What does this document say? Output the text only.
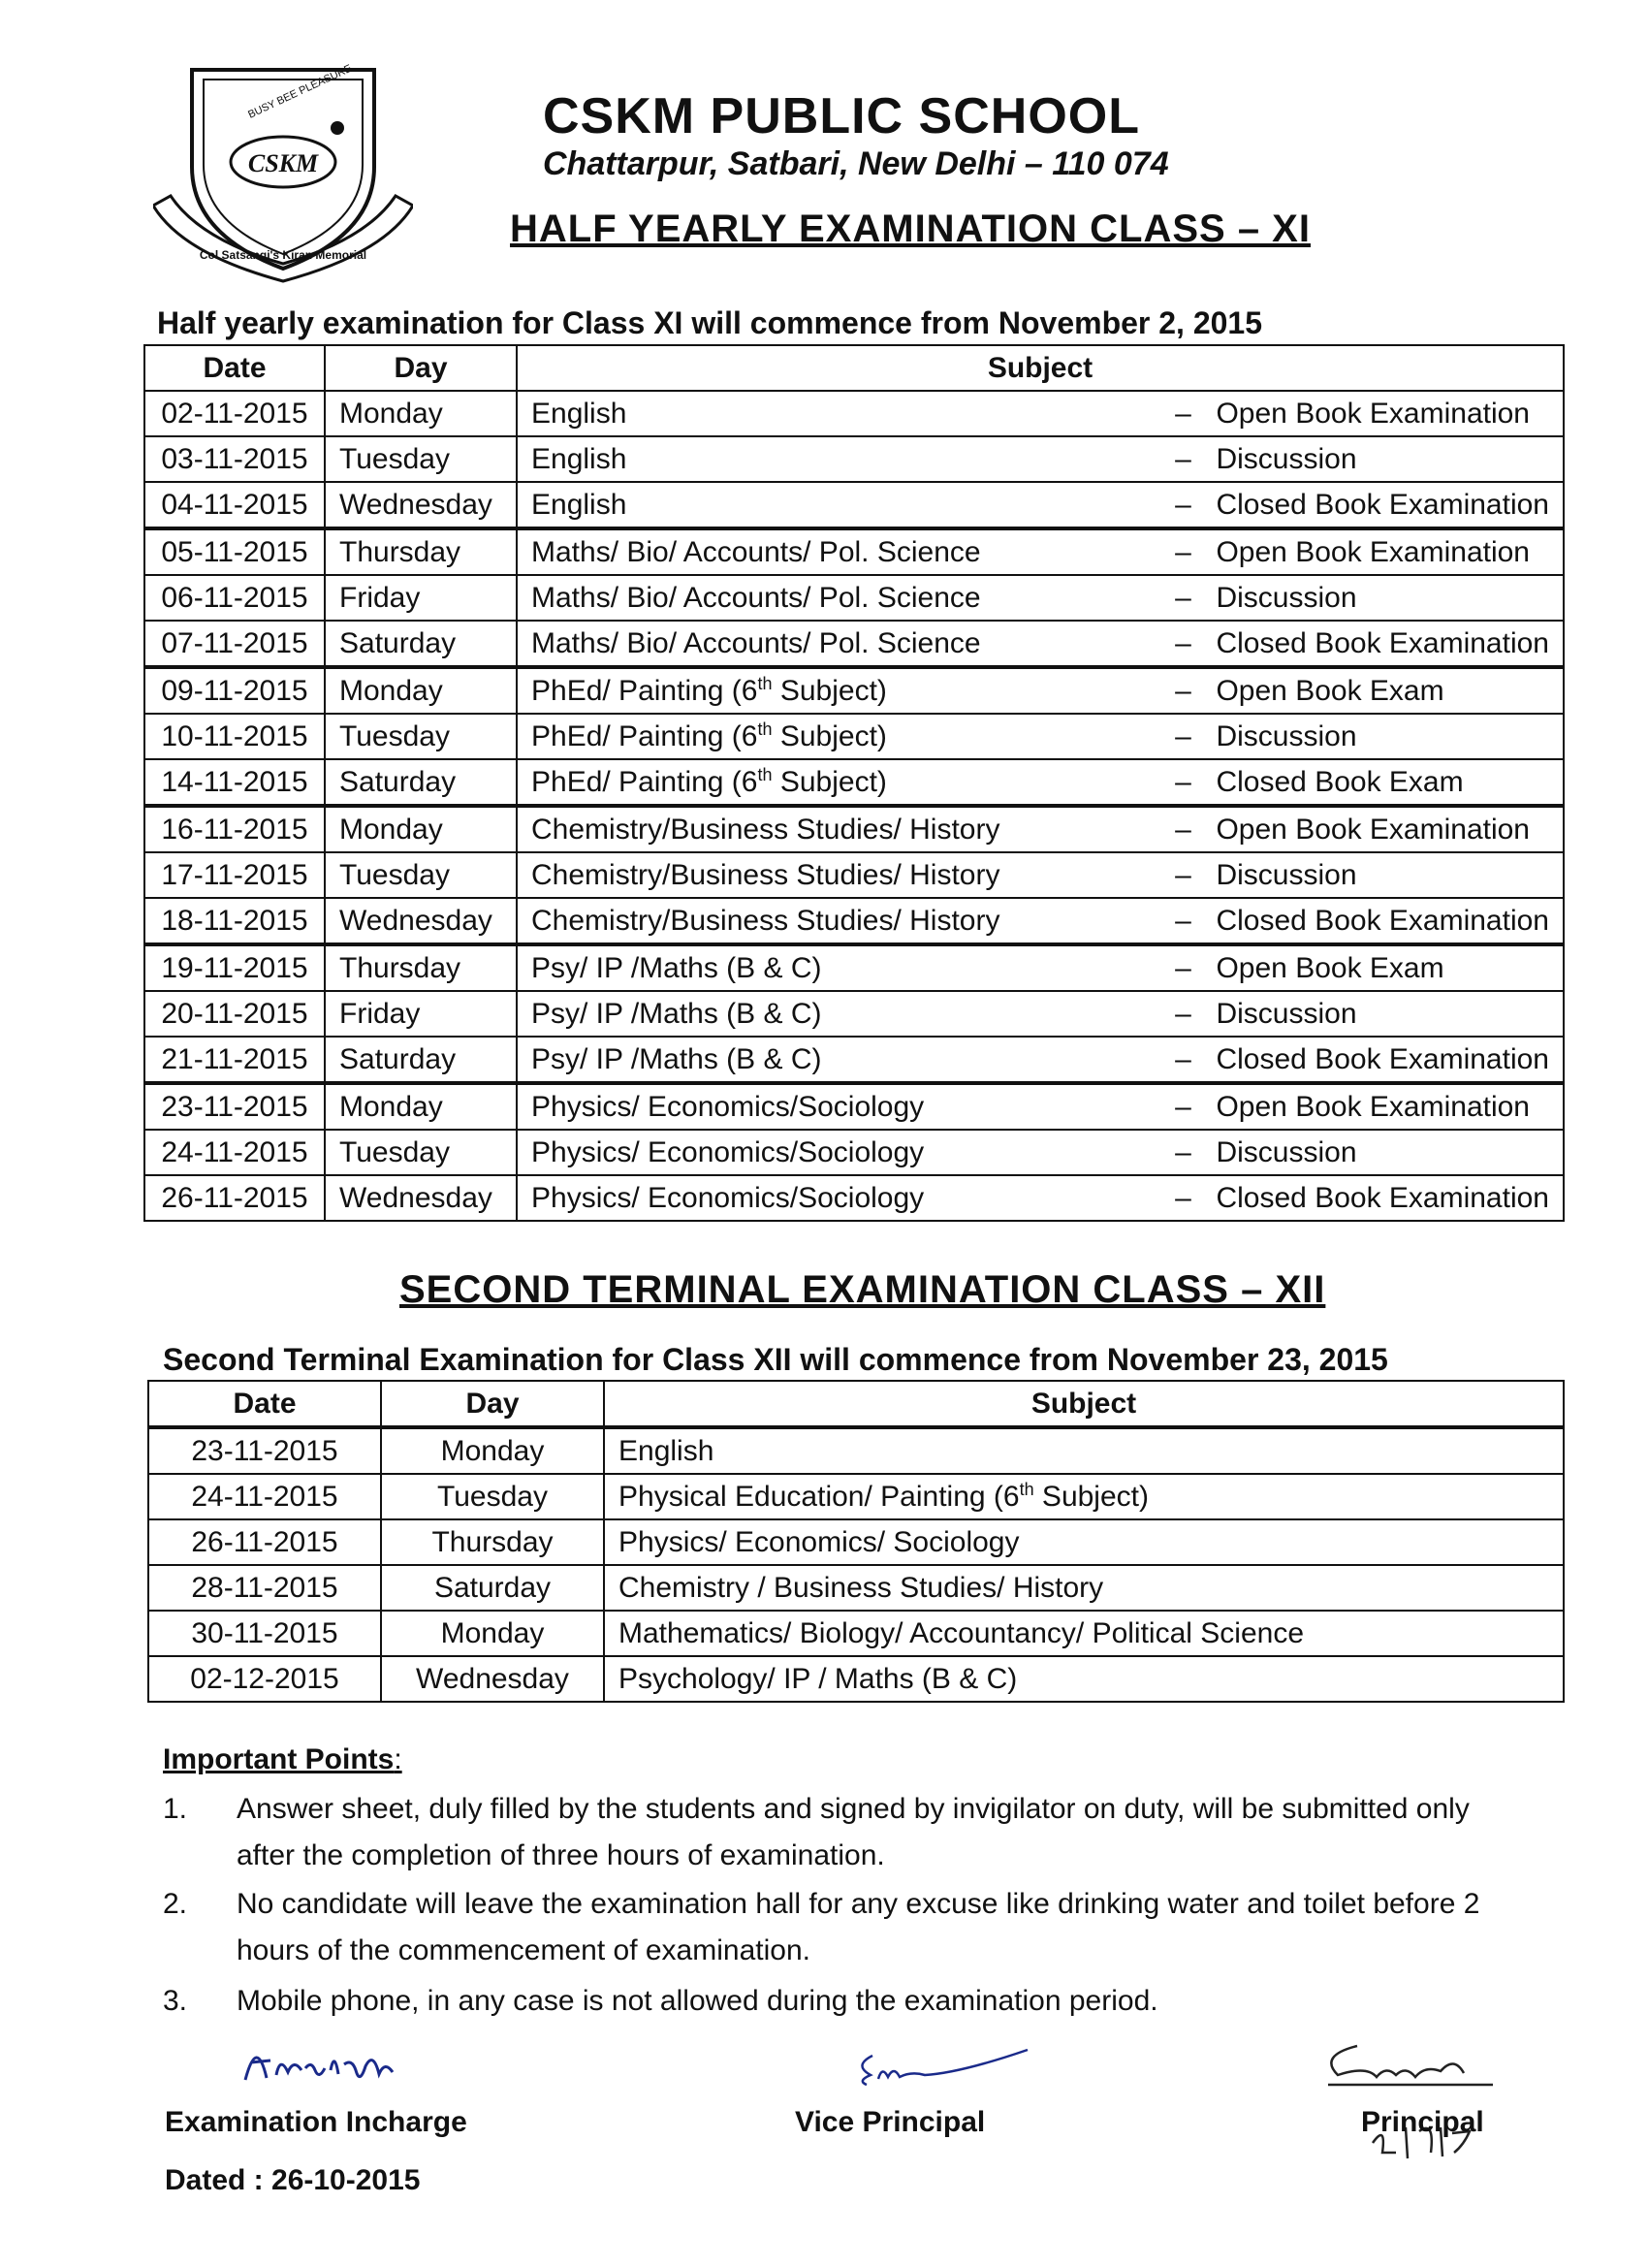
CSKM
BUSY BEE PLEASURE
Col Satsangi's Kiran Memorial
CSKM PUBLIC SCHOOL
Chattarpur, Satbari, New Delhi – 110 074
HALF YEARLY EXAMINATION CLASS – XI
Half yearly examination for Class XI will commence from November 2, 2015
Date	Day	Subject		
02-11-2015	Monday	English	–	Open Book Examination
03-11-2015	Tuesday	English	–	Discussion
04-11-2015	Wednesday	English	–	Closed Book Examination
05-11-2015	Thursday	Maths/ Bio/ Accounts/ Pol. Science	–	Open Book Examination
06-11-2015	Friday	Maths/ Bio/ Accounts/ Pol. Science	–	Discussion
07-11-2015	Saturday	Maths/ Bio/ Accounts/ Pol. Science	–	Closed Book Examination
09-11-2015	Monday	PhEd/ Painting (6th Subject)	–	Open Book Exam
10-11-2015	Tuesday	PhEd/ Painting (6th Subject)	–	Discussion
14-11-2015	Saturday	PhEd/ Painting (6th Subject)	–	Closed Book Exam
16-11-2015	Monday	Chemistry/Business Studies/ History	–	Open Book Examination
17-11-2015	Tuesday	Chemistry/Business Studies/ History	–	Discussion
18-11-2015	Wednesday	Chemistry/Business Studies/ History	–	Closed Book Examination
19-11-2015	Thursday	Psy/ IP /Maths (B & C)	–	Open Book Exam
20-11-2015	Friday	Psy/ IP /Maths (B & C)	–	Discussion
21-11-2015	Saturday	Psy/ IP /Maths (B & C)	–	Closed Book Examination
23-11-2015	Monday	Physics/ Economics/Sociology	–	Open Book Examination
24-11-2015	Tuesday	Physics/ Economics/Sociology	–	Discussion
26-11-2015	Wednesday	Physics/ Economics/Sociology	–	Closed Book Examination
SECOND TERMINAL EXAMINATION CLASS – XII
Second Terminal Examination for Class XII will commence from November 23, 2015
Date	Day	Subject
23-11-2015	Monday	English
24-11-2015	Tuesday	Physical Education/ Painting (6th Subject)
26-11-2015	Thursday	Physics/ Economics/ Sociology
28-11-2015	Saturday	Chemistry / Business Studies/ History
30-11-2015	Monday	Mathematics/ Biology/ Accountancy/ Political Science
02-12-2015	Wednesday	Psychology/ IP / Maths (B & C)
Important Points:
1.	Answer sheet, duly filled by the students and signed by invigilator on duty, will be submitted only after the completion of three hours of examination.
2.	No candidate will leave the examination hall for any excuse like drinking water and toilet before 2 hours of the commencement of examination.
3.	Mobile phone, in any case is not allowed during the examination period.
Examination Incharge	Vice Principal	Principal
Dated : 26-10-2015
